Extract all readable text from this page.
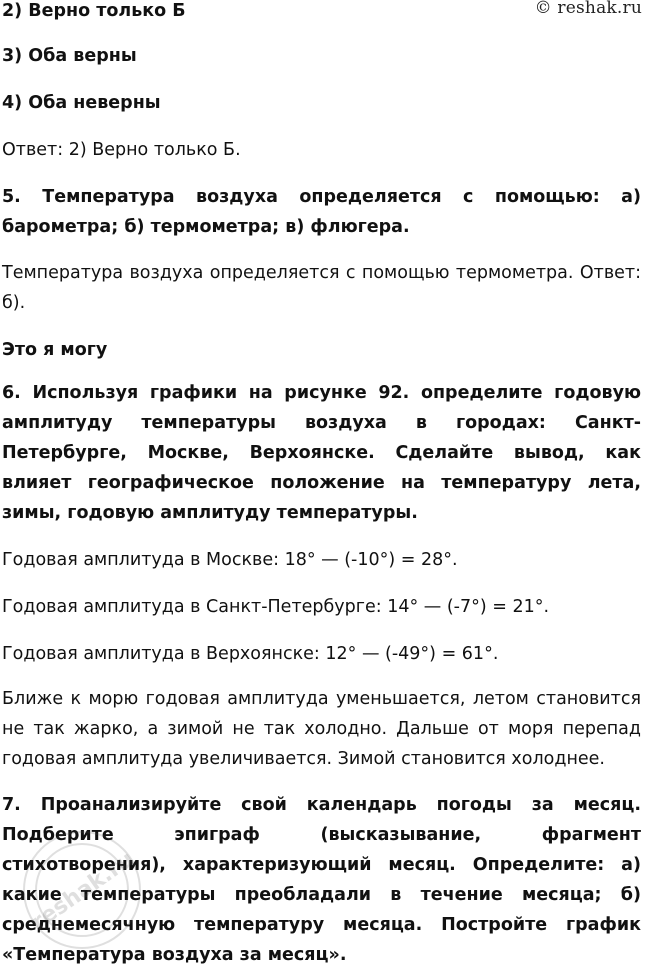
© reshak.ru
2) Верно только Б
3) Оба верны
4) Оба неверны
Ответ: 2) Верно только Б.
5. Температура воздуха определяется с помощью: а) барометра; б) термометра; в) флюгера.
Температура воздуха определяется с помощью термометра. Ответ: б).
Это я могу
6. Используя графики на рисунке 92. определите годовую амплитуду температуры воздуха в городах: Санкт-Петербурге, Москве, Верхоянске. Сделайте вывод, как влияет географическое положение на температуру лета, зимы, годовую амплитуду температуры.
Годовая амплитуда в Москве: 18° — (-10°) = 28°.
Годовая амплитуда в Санкт-Петербурге: 14° — (-7°) = 21°.
Годовая амплитуда в Верхоянске: 12° — (-49°) = 61°.
Ближе к морю годовая амплитуда уменьшается, летом становится не так жарко, а зимой не так холодно. Дальше от моря перепад годовая амплитуда увеличивается. Зимой становится холоднее.
7. Проанализируйте свой календарь погоды за месяц. Подберите эпиграф (высказывание, фрагмент стихотворения), характеризующий месяц. Определите: а) какие температуры преобладали в течение месяца; б) среднемесячную температуру месяца. Постройте график «Температура воздуха за месяц».
reshak.ru
